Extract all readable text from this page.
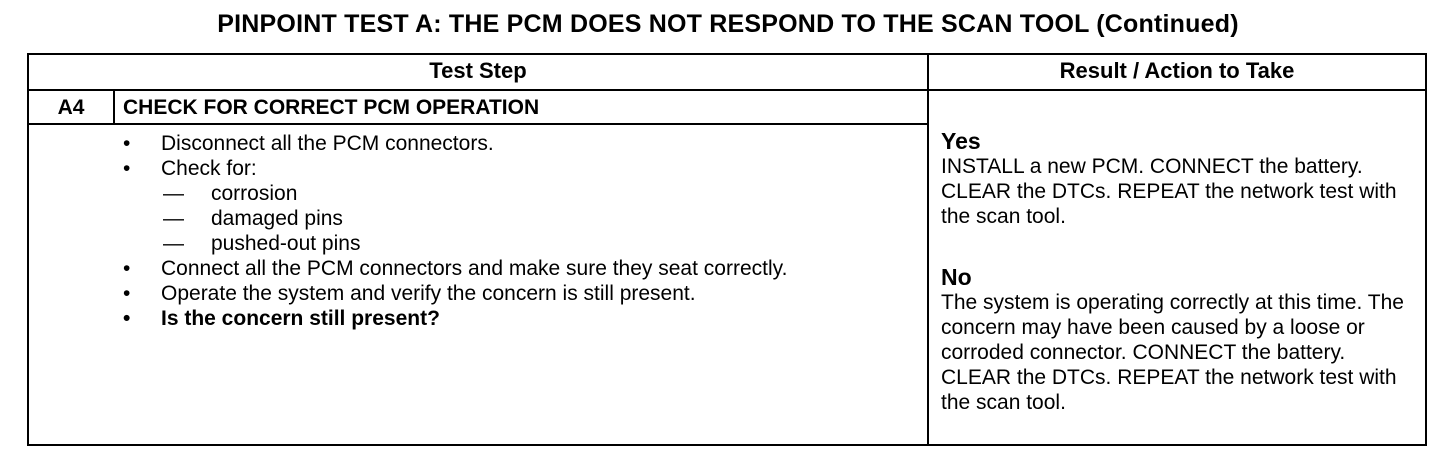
PINPOINT TEST A: THE PCM DOES NOT RESPOND TO THE SCAN TOOL (Continued)
Test Step	Result / Action to Take
A4	CHECK FOR CORRECT PCM OPERATION
• Disconnect all the PCM connectors.
• Check for:
— corrosion
— damaged pins
— pushed-out pins
• Connect all the PCM connectors and make sure they seat correctly.
• Operate the system and verify the concern is still present.
• Is the concern still present?
Yes
INSTALL a new PCM. CONNECT the battery. CLEAR the DTCs. REPEAT the network test with the scan tool.
No
The system is operating correctly at this time. The concern may have been caused by a loose or corroded connector. CONNECT the battery. CLEAR the DTCs. REPEAT the network test with the scan tool.
